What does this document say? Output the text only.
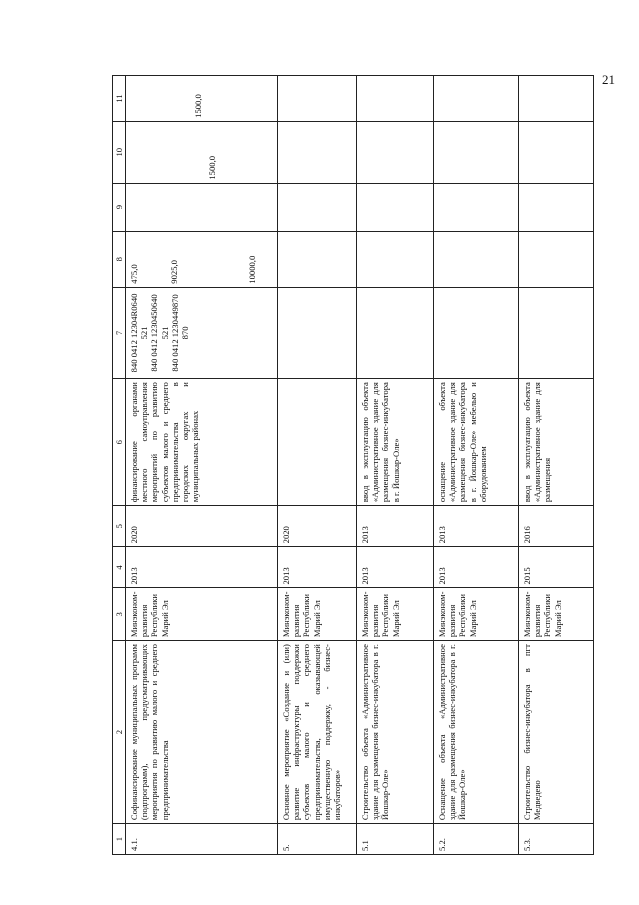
21
1	2	3	4	5	6	7	8	9	10	11
4.1.	Софинансирование муниципальных программ (подпрограмм), предусматривающих мероприятия по развитию малого и среднего предпринимательства	Минэконом-развития Республики Марий Эл	2013	2020	финансирование органами местного самоуправления мероприятий по развитию субъектов малого и среднего предпринимательства в городских округах и муниципальных районах	840 0412 12304R0640 521 840 0412 1230450640 521 840 0412 1230449870 870	475,0 9025,0 10000,0		1500,0	1500,0

5.	Основное мероприятие «Создание и (или) развитие инфраструктуры поддержки субъектов малого и среднего предпринимательства, оказывающей имущественную поддержку, - бизнес-инкубаторов»	Минэконом-развития Республики Марий Эл	2013	2020						
5.1	Строительство объекта «Административное здание для размещения бизнес-инкубатора в г. Йошкар-Оле»	Минэконом-развития Республики Марий Эл	2013	2013	ввод в эксплуатацию объекта «Административное здание для размещения бизнес-инкубатора в г. Йошкар-Оле»					
5.2.	Оснащение объекта «Административное здание для размещения бизнес-инкубатора в г. Йошкар-Оле»	Минэконом-развития Республики Марий Эл	2013	2013	оснащение объекта «Административное здание для размещения бизнес-инкубатора в г. Йошкар-Оле» мебелью и оборудованием					
5.3.	Строительство бизнес-инкубатора в пгт Медведево	Минэконом-развития Республики Марий Эл	2015	2016	ввод в эксплуатацию объекта «Административное здание для размещения					
